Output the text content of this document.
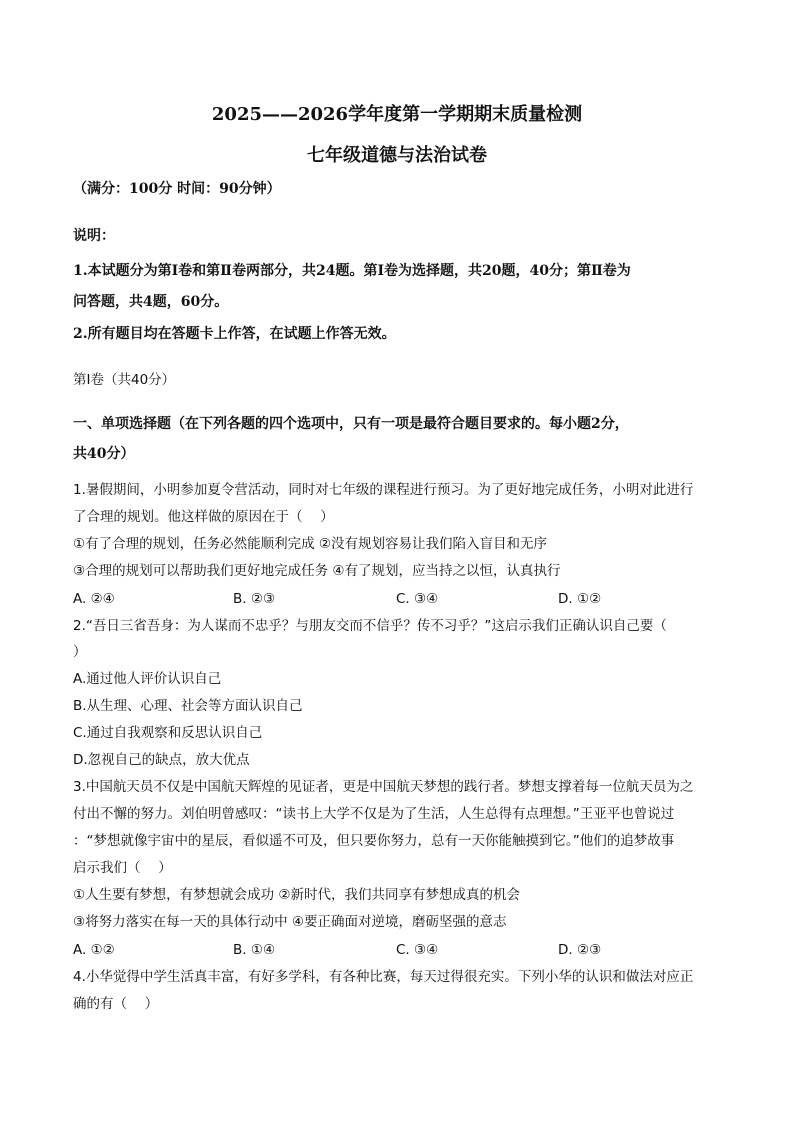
2025——2026学年度第一学期期末质量检测
七年级道德与法治试卷
（满分：100分 时间：90分钟）
说明：
1.本试题分为第Ⅰ卷和第Ⅱ卷两部分，共24题。第Ⅰ卷为选择题，共20题，40分；第Ⅱ卷为
问答题，共4题，60分。
2.所有题目均在答题卡上作答，在试题上作答无效。
第Ⅰ卷（共40分）
一、单项选择题（在下列各题的四个选项中，只有一项是最符合题目要求的。每小题2分，
共40分）
1.暑假期间，小明参加夏令营活动，同时对七年级的课程进行预习。为了更好地完成任务，小明对此进行
了合理的规划。他这样做的原因在于（　 ）
①有了合理的规划，任务必然能顺利完成 ②没有规划容易让我们陷入盲目和无序
③合理的规划可以帮助我们更好地完成任务 ④有了规划，应当持之以恒，认真执行
A. ②④	B. ②③	C. ③④	D. ①②
2.“吾日三省吾身：为人谋而不忠乎？与朋友交而不信乎？传不习乎？”这启示我们正确认识自己要（
）
A.通过他人评价认识自己
B.从生理、心理、社会等方面认识自己
C.通过自我观察和反思认识自己
D.忽视自己的缺点，放大优点
3.中国航天员不仅是中国航天辉煌的见证者，更是中国航天梦想的践行者。梦想支撑着每一位航天员为之
付出不懈的努力。刘伯明曾感叹：“读书上大学不仅是为了生活，人生总得有点理想。”王亚平也曾说过
：“梦想就像宇宙中的星辰，看似遥不可及，但只要你努力，总有一天你能触摸到它。”他们的追梦故事
启示我们（　 ）
①人生要有梦想，有梦想就会成功 ②新时代，我们共同享有梦想成真的机会
③将努力落实在每一天的具体行动中 ④要正确面对逆境，磨砺坚强的意志
A. ①②	B. ①④	C. ③④	D. ②③
4.小华觉得中学生活真丰富，有好多学科，有各种比赛，每天过得很充实。下列小华的认识和做法对应正
确的有（　 ）
